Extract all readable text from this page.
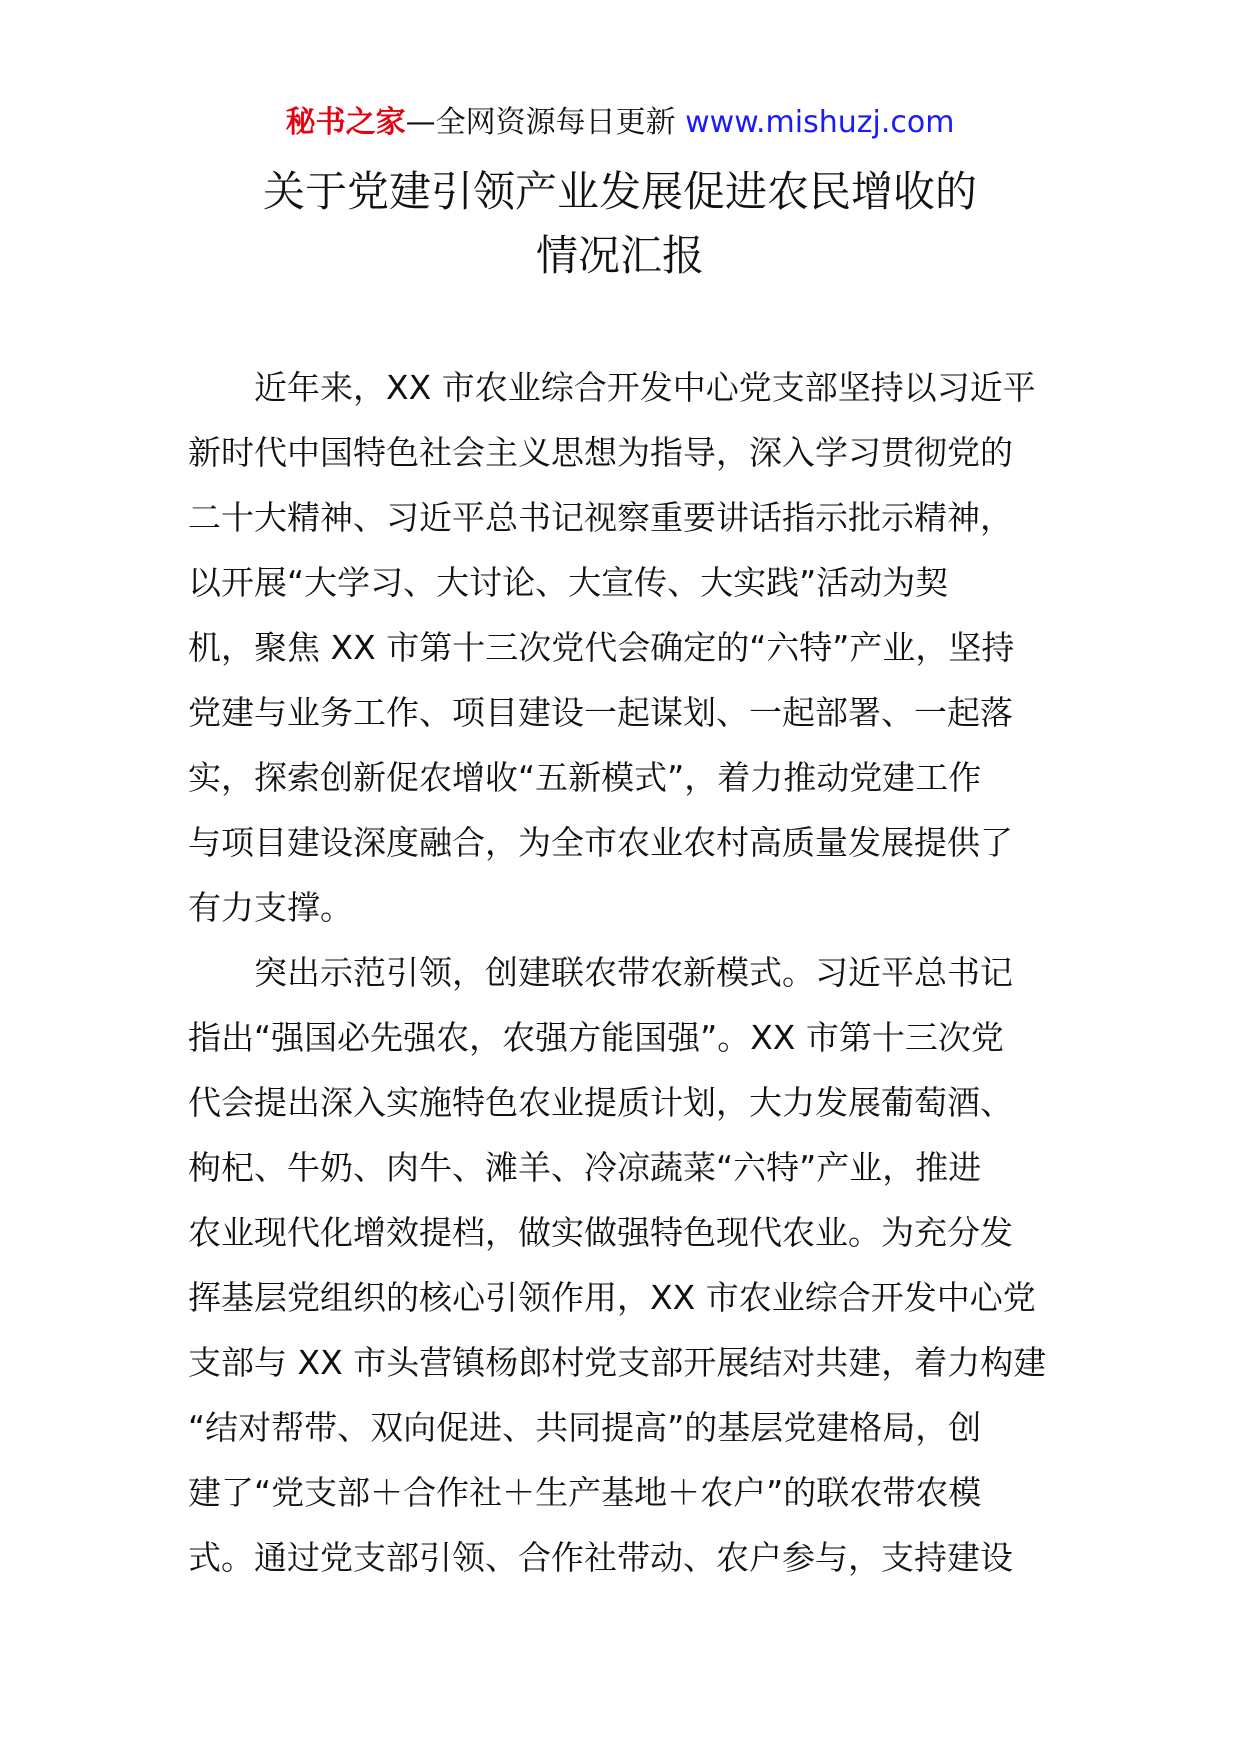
秘书之家—全网资源每日更新 www.mishuzj.com
关于党建引领产业发展促进农民增收的
情况汇报
近年来，XX 市农业综合开发中心党支部坚持以习近平
新时代中国特色社会主义思想为指导，深入学习贯彻党的
二十大精神、习近平总书记视察重要讲话指示批示精神，
以开展“大学习、大讨论、大宣传、大实践”活动为契
机，聚焦 XX 市第十三次党代会确定的“六特”产业，坚持
党建与业务工作、项目建设一起谋划、一起部署、一起落
实，探索创新促农增收“五新模式”，着力推动党建工作
与项目建设深度融合，为全市农业农村高质量发展提供了
有力支撑。
突出示范引领，创建联农带农新模式。习近平总书记
指出“强国必先强农，农强方能国强”。XX 市第十三次党
代会提出深入实施特色农业提质计划，大力发展葡萄酒、
枸杞、牛奶、肉牛、滩羊、冷凉蔬菜“六特”产业，推进
农业现代化增效提档，做实做强特色现代农业。为充分发
挥基层党组织的核心引领作用，XX 市农业综合开发中心党
支部与 XX 市头营镇杨郎村党支部开展结对共建，着力构建
“结对帮带、双向促进、共同提高”的基层党建格局，创
建了“党支部＋合作社＋生产基地＋农户”的联农带农模
式。通过党支部引领、合作社带动、农户参与，支持建设
